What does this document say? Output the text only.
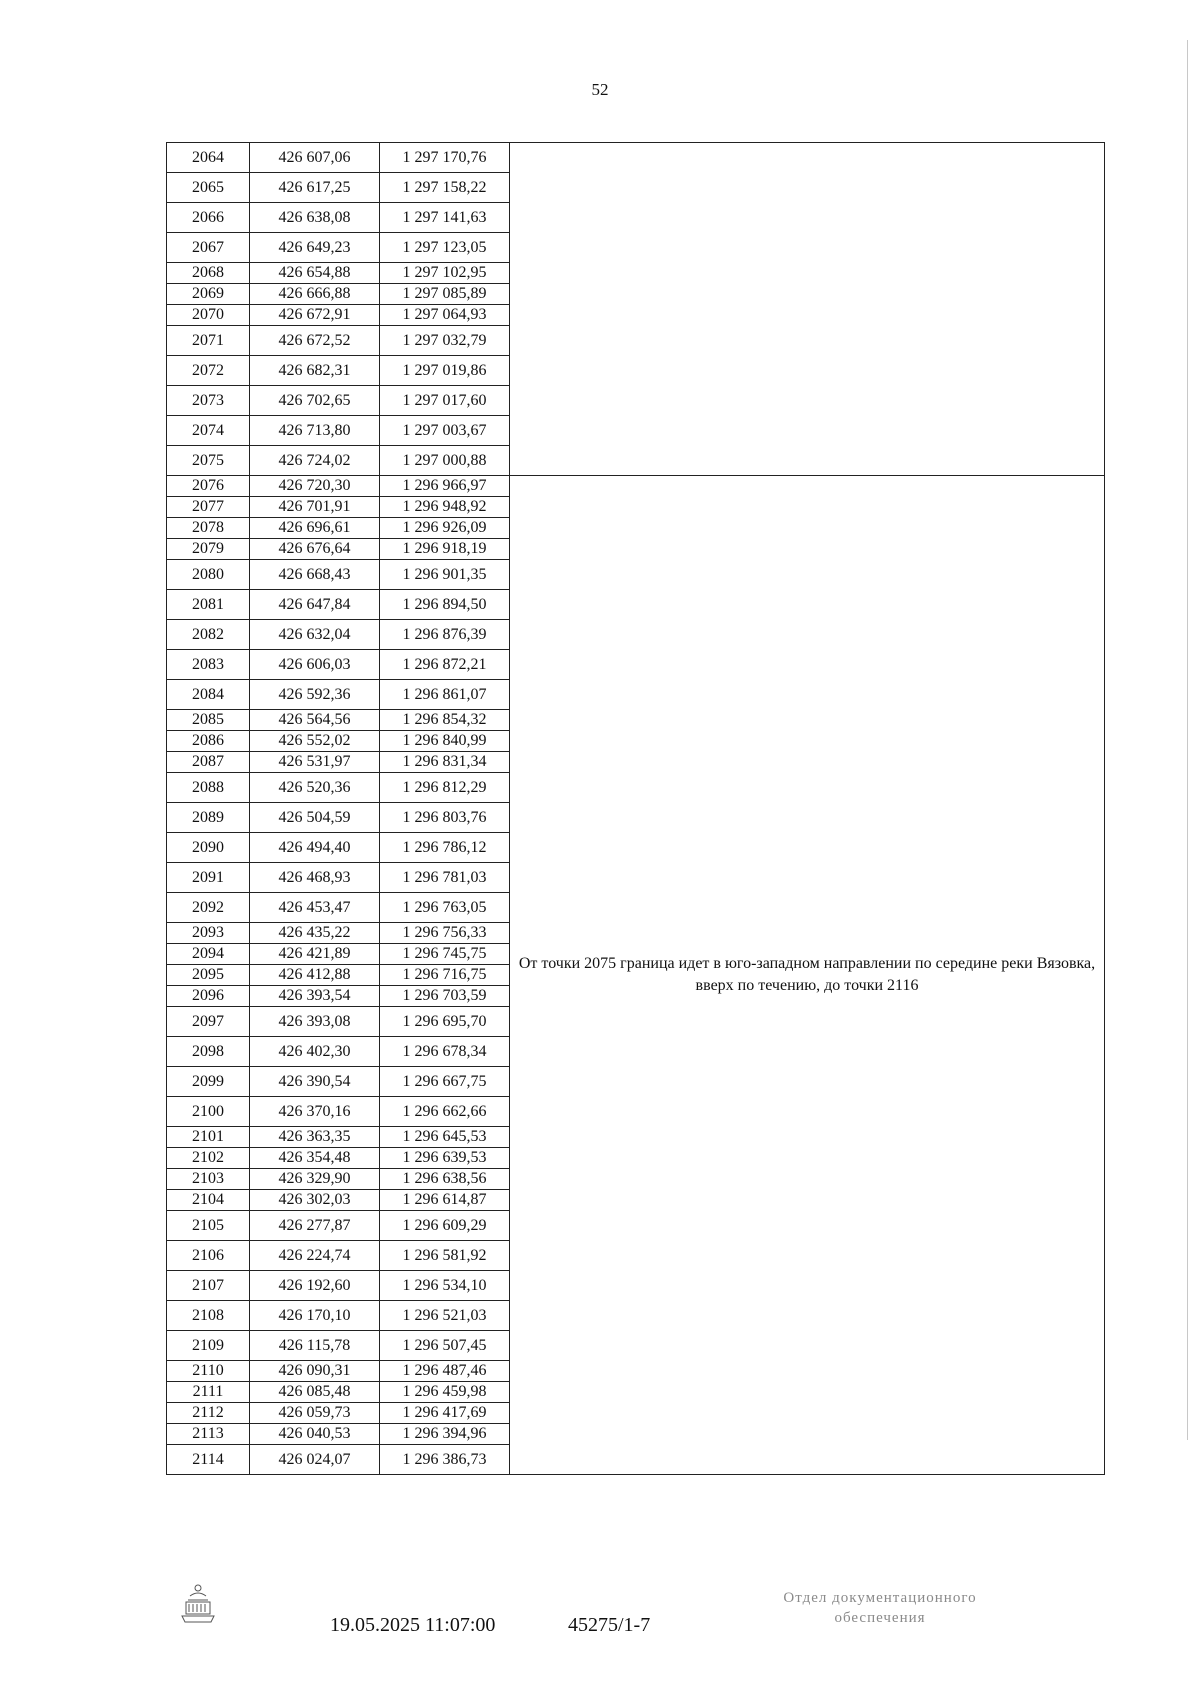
52
2064	426 607,06	1 297 170,76	
2065	426 617,25	1 297 158,22	
2066	426 638,08	1 297 141,63	
2067	426 649,23	1 297 123,05	
2068	426 654,88	1 297 102,95	
2069	426 666,88	1 297 085,89	
2070	426 672,91	1 297 064,93	
2071	426 672,52	1 297 032,79	
2072	426 682,31	1 297 019,86	
2073	426 702,65	1 297 017,60	
2074	426 713,80	1 297 003,67	
2075	426 724,02	1 297 000,88	
2076	426 720,30	1 296 966,97	От точки 2075 граница идет в юго-западном направлении по середине реки Вязовка, вверх по течению, до точки 2116
2077	426 701,91	1 296 948,92	
2078	426 696,61	1 296 926,09	
2079	426 676,64	1 296 918,19	
2080	426 668,43	1 296 901,35	
2081	426 647,84	1 296 894,50	
2082	426 632,04	1 296 876,39	
2083	426 606,03	1 296 872,21	
2084	426 592,36	1 296 861,07	
2085	426 564,56	1 296 854,32	
2086	426 552,02	1 296 840,99	
2087	426 531,97	1 296 831,34	
2088	426 520,36	1 296 812,29	
2089	426 504,59	1 296 803,76	
2090	426 494,40	1 296 786,12	
2091	426 468,93	1 296 781,03	
2092	426 453,47	1 296 763,05	
2093	426 435,22	1 296 756,33	
2094	426 421,89	1 296 745,75	
2095	426 412,88	1 296 716,75	
2096	426 393,54	1 296 703,59	
2097	426 393,08	1 296 695,70	
2098	426 402,30	1 296 678,34	
2099	426 390,54	1 296 667,75	
2100	426 370,16	1 296 662,66	
2101	426 363,35	1 296 645,53	
2102	426 354,48	1 296 639,53	
2103	426 329,90	1 296 638,56	
2104	426 302,03	1 296 614,87	
2105	426 277,87	1 296 609,29	
2106	426 224,74	1 296 581,92	
2107	426 192,60	1 296 534,10	
2108	426 170,10	1 296 521,03	
2109	426 115,78	1 296 507,45	
2110	426 090,31	1 296 487,46	
2111	426 085,48	1 296 459,98	
2112	426 059,73	1 296 417,69	
2113	426 040,53	1 296 394,96	
2114	426 024,07	1 296 386,73	
19.05.2025 11:07:00	45275/1-7
Отдел документационного
обеспечения
